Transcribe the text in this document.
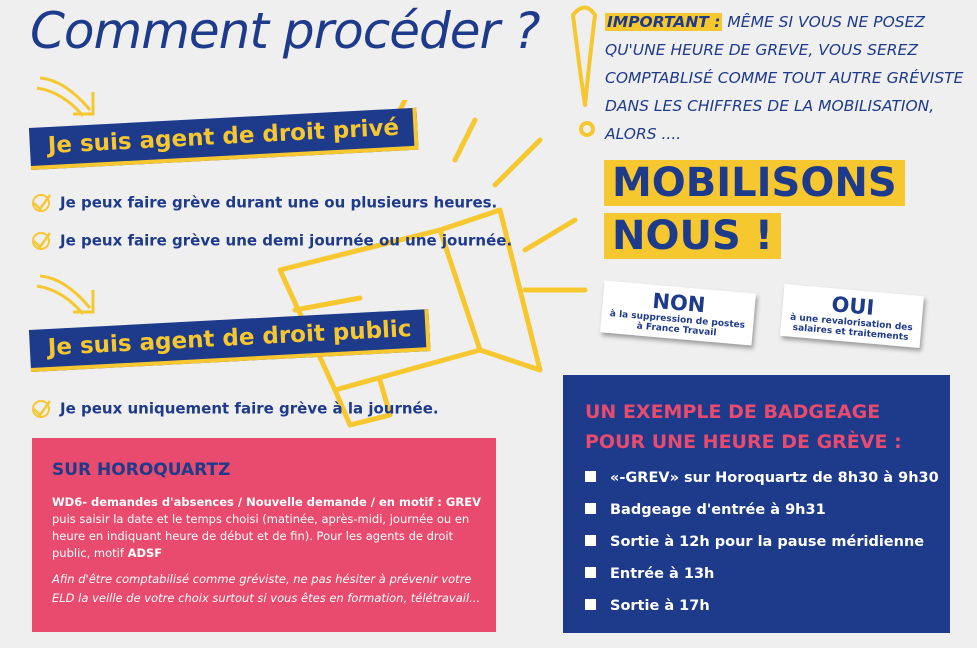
Comment procéder ?
Je suis agent de droit privé
Je peux faire grève durant une ou plusieurs heures.
Je peux faire grève une demi journée ou une journée.
Je suis agent de droit public
Je peux uniquement faire grève à la journée.
IMPORTANT : MÊME SI VOUS NE POSEZ QU'UNE HEURE DE GREVE, VOUS SEREZ COMPTABLISÉ COMME TOUT AUTRE GRÉVISTE DANS LES CHIFFRES DE LA MOBILISATION, ALORS ....
MOBILISONS
NOUS !
NON
à la suppression de postes à France Travail
OUI
à une revalorisation des salaires et traitements
SUR HOROQUARTZ
WD6- demandes d'absences / Nouvelle demande / en motif : GREV
puis saisir la date et le temps choisi (matinée, après-midi, journée ou en heure en indiquant heure de début et de fin). Pour les agents de droit public, motif ADSF
Afin d'être comptabilisé comme gréviste, ne pas hésiter à prévenir votre ELD la veille de votre choix surtout si vous êtes en formation, télétravail...
UN EXEMPLE DE BADGEAGE
POUR UNE HEURE DE GRÈVE :
«-GREV» sur Horoquartz de 8h30 à 9h30
Badgeage d'entrée à 9h31
Sortie à 12h pour la pause méridienne
Entrée à 13h
Sortie à 17h
